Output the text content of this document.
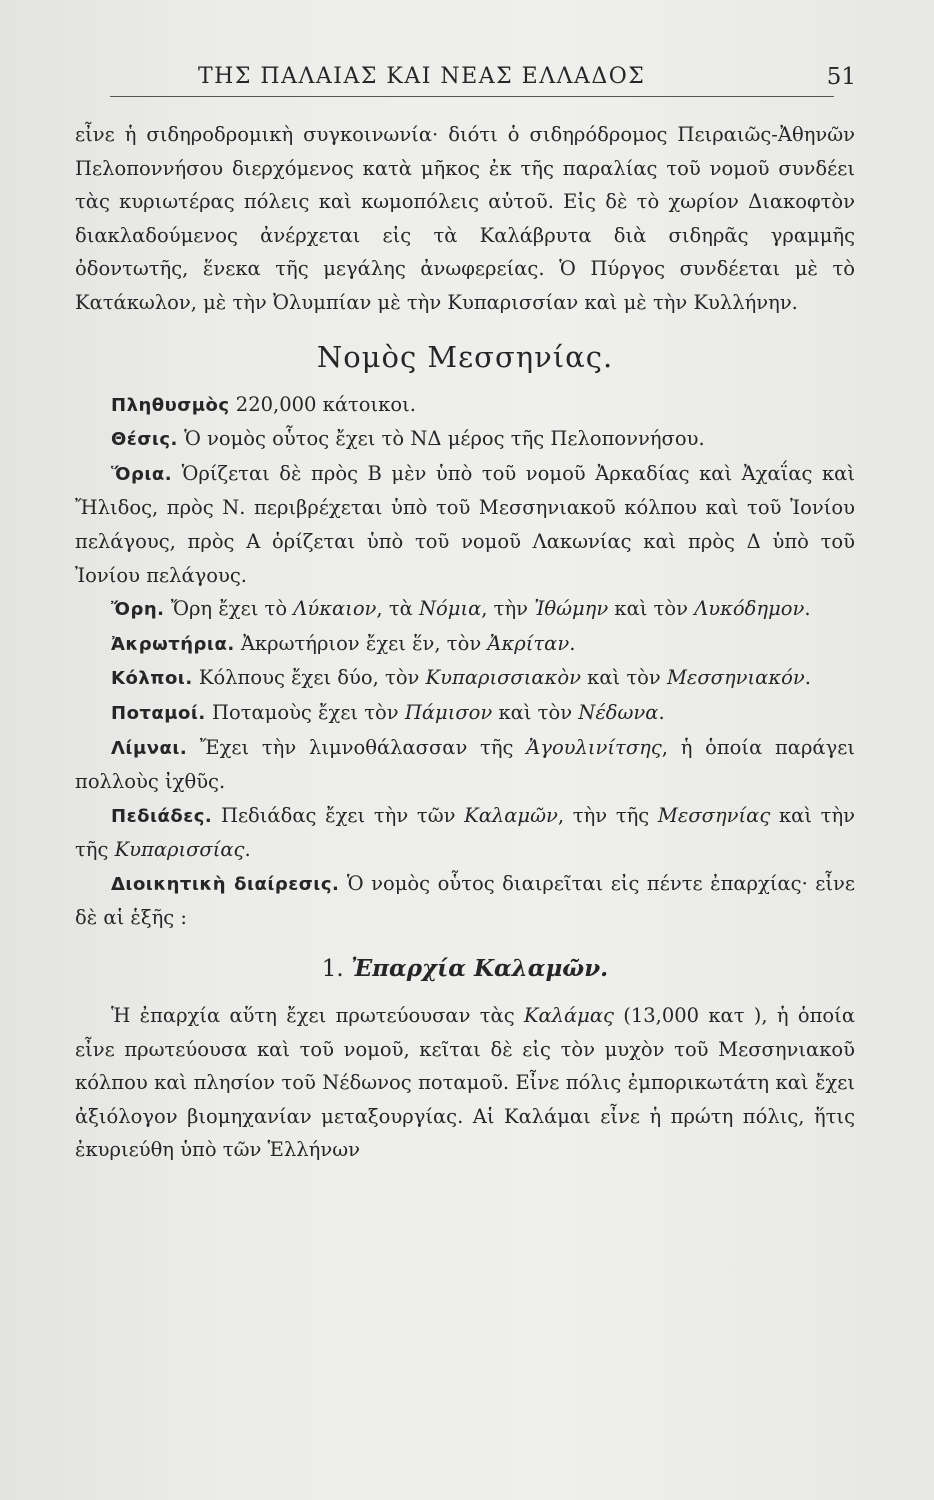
ΤΗΣ ΠΑΛΑΙΑΣ ΚΑΙ ΝΕΑΣ ΕΛΛΑΔΟΣ	51

εἶνε ἡ σιδηροδρομικὴ συγκοινωνία· διότι ὁ σιδηρόδρομος Πειραιῶς-Ἀθηνῶν Πελοποννήσου διερχόμενος κατὰ μῆκος ἐκ τῆς παραλίας τοῦ νομοῦ συνδέει τὰς κυριωτέρας πόλεις καὶ κωμοπόλεις αὐτοῦ. Εἰς δὲ τὸ χωρίον Διακοφτὸν διακλαδούμενος ἀνέρχεται εἰς τὰ Καλάβρυτα διὰ σιδηρᾶς γραμμῆς ὀδοντωτῆς, ἕνεκα τῆς μεγάλης ἀνωφερείας. Ὁ Πύργος συνδέεται μὲ τὸ Κατάκωλον, μὲ τὴν Ὀλυμπίαν μὲ τὴν Κυπαρισσίαν καὶ μὲ τὴν Κυλλήνην.

Νομὸς Μεσσηνίας.

Πληθυσμὸς 220,000 κάτοικοι.

Θέσις. Ὁ νομὸς οὗτος ἔχει τὸ ΝΔ μέρος τῆς Πελοποννήσου.

Ὅρια. Ὁρίζεται δὲ πρὸς Β μὲν ὑπὸ τοῦ νομοῦ Ἀρκαδίας καὶ Ἀχαΐας καὶ Ἤλιδος, πρὸς Ν. περιβρέχεται ὑπὸ τοῦ Μεσσηνιακοῦ κόλπου καὶ τοῦ Ἰονίου πελάγους, πρὸς Α ὁρίζεται ὑπὸ τοῦ νομοῦ Λακωνίας καὶ πρὸς Δ ὑπὸ τοῦ Ἰονίου πελάγους.

Ὄρη. Ὄρη ἔχει τὸ Λύκαιον, τὰ Νόμια, τὴν Ἰθώμην καὶ τὸν Λυκόδημον.

Ἀκρωτήρια. Ἀκρωτήριον ἔχει ἕν, τὸν Ἀκρίταν.

Κόλποι. Κόλπους ἔχει δύο, τὸν Κυπαρισσιακὸν καὶ τὸν Μεσσηνιακόν.

Ποταμοί. Ποταμοὺς ἔχει τὸν Πάμισον καὶ τὸν Νέδωνα.

Λίμναι. Ἔχει τὴν λιμνοθάλασσαν τῆς Ἀγουλινίτσης, ἡ ὁποία παράγει πολλοὺς ἰχθῦς.

Πεδιάδες. Πεδιάδας ἔχει τὴν τῶν Καλαμῶν, τὴν τῆς Μεσσηνίας καὶ τὴν τῆς Κυπαρισσίας.

Διοικητικὴ διαίρεσις. Ὁ νομὸς οὗτος διαιρεῖται εἰς πέντε ἐπαρχίας· εἶνε δὲ αἱ ἑξῆς :

1. Ἐπαρχία Καλαμῶν.

Ἡ ἐπαρχία αὕτη ἔχει πρωτεύουσαν τὰς Καλάμας (13,000 κατ ), ἡ ὁποία εἶνε πρωτεύουσα καὶ τοῦ νομοῦ, κεῖται δὲ εἰς τὸν μυχὸν τοῦ Μεσσηνιακοῦ κόλπου καὶ πλησίον τοῦ Νέδωνος ποταμοῦ. Εἶνε πόλις ἐμπορικωτάτη καὶ ἔχει ἀξιόλογον βιομηχανίαν μεταξουργίας. Αἱ Καλάμαι εἶνε ἡ πρώτη πόλις, ἥτις ἐκυριεύθη ὑπὸ τῶν Ἑλλήνων
